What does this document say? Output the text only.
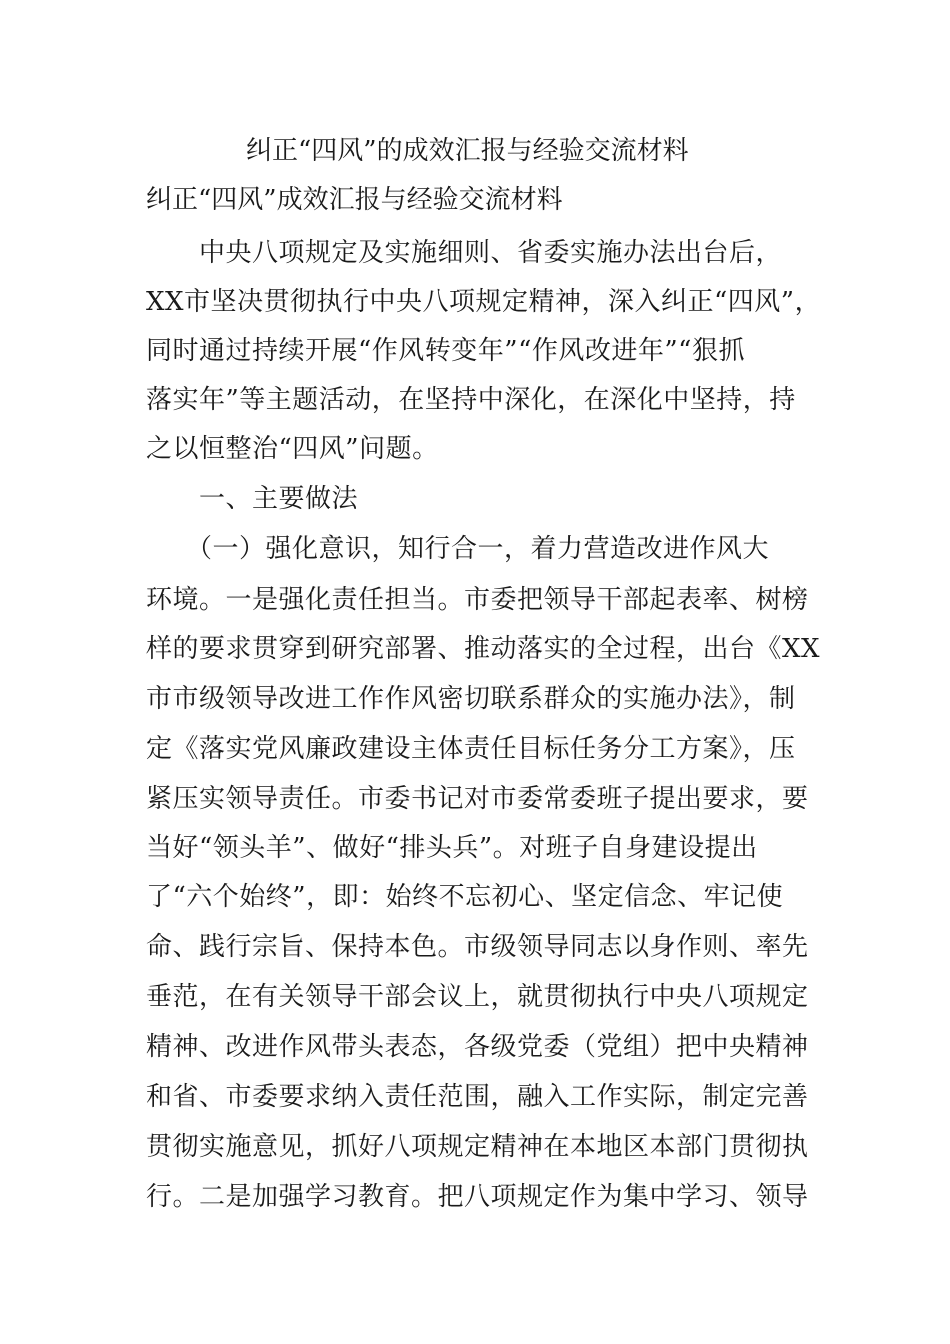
纠正“四风”的成效汇报与经验交流材料
纠正“四风”成效汇报与经验交流材料
　　中央八项规定及实施细则、省委实施办法出台后，
XX市坚决贯彻执行中央八项规定精神，深入纠正“四风”，
同时通过持续开展“作风转变年”“作风改进年”“狠抓
落实年”等主题活动，在坚持中深化，在深化中坚持，持
之以恒整治“四风”问题。
　　一、主要做法
　　（一）强化意识，知行合一，着力营造改进作风大
环境。一是强化责任担当。市委把领导干部起表率、树榜
样的要求贯穿到研究部署、推动落实的全过程，出台《XX
市市级领导改进工作作风密切联系群众的实施办法》，制
定《落实党风廉政建设主体责任目标任务分工方案》，压
紧压实领导责任。市委书记对市委常委班子提出要求，要
当好“领头羊”、做好“排头兵”。对班子自身建设提出
了“六个始终”，即：始终不忘初心、坚定信念、牢记使
命、践行宗旨、保持本色。市级领导同志以身作则、率先
垂范，在有关领导干部会议上，就贯彻执行中央八项规定
精神、改进作风带头表态，各级党委（党组）把中央精神
和省、市委要求纳入责任范围，融入工作实际，制定完善
贯彻实施意见，抓好八项规定精神在本地区本部门贯彻执
行。二是加强学习教育。把八项规定作为集中学习、领导
